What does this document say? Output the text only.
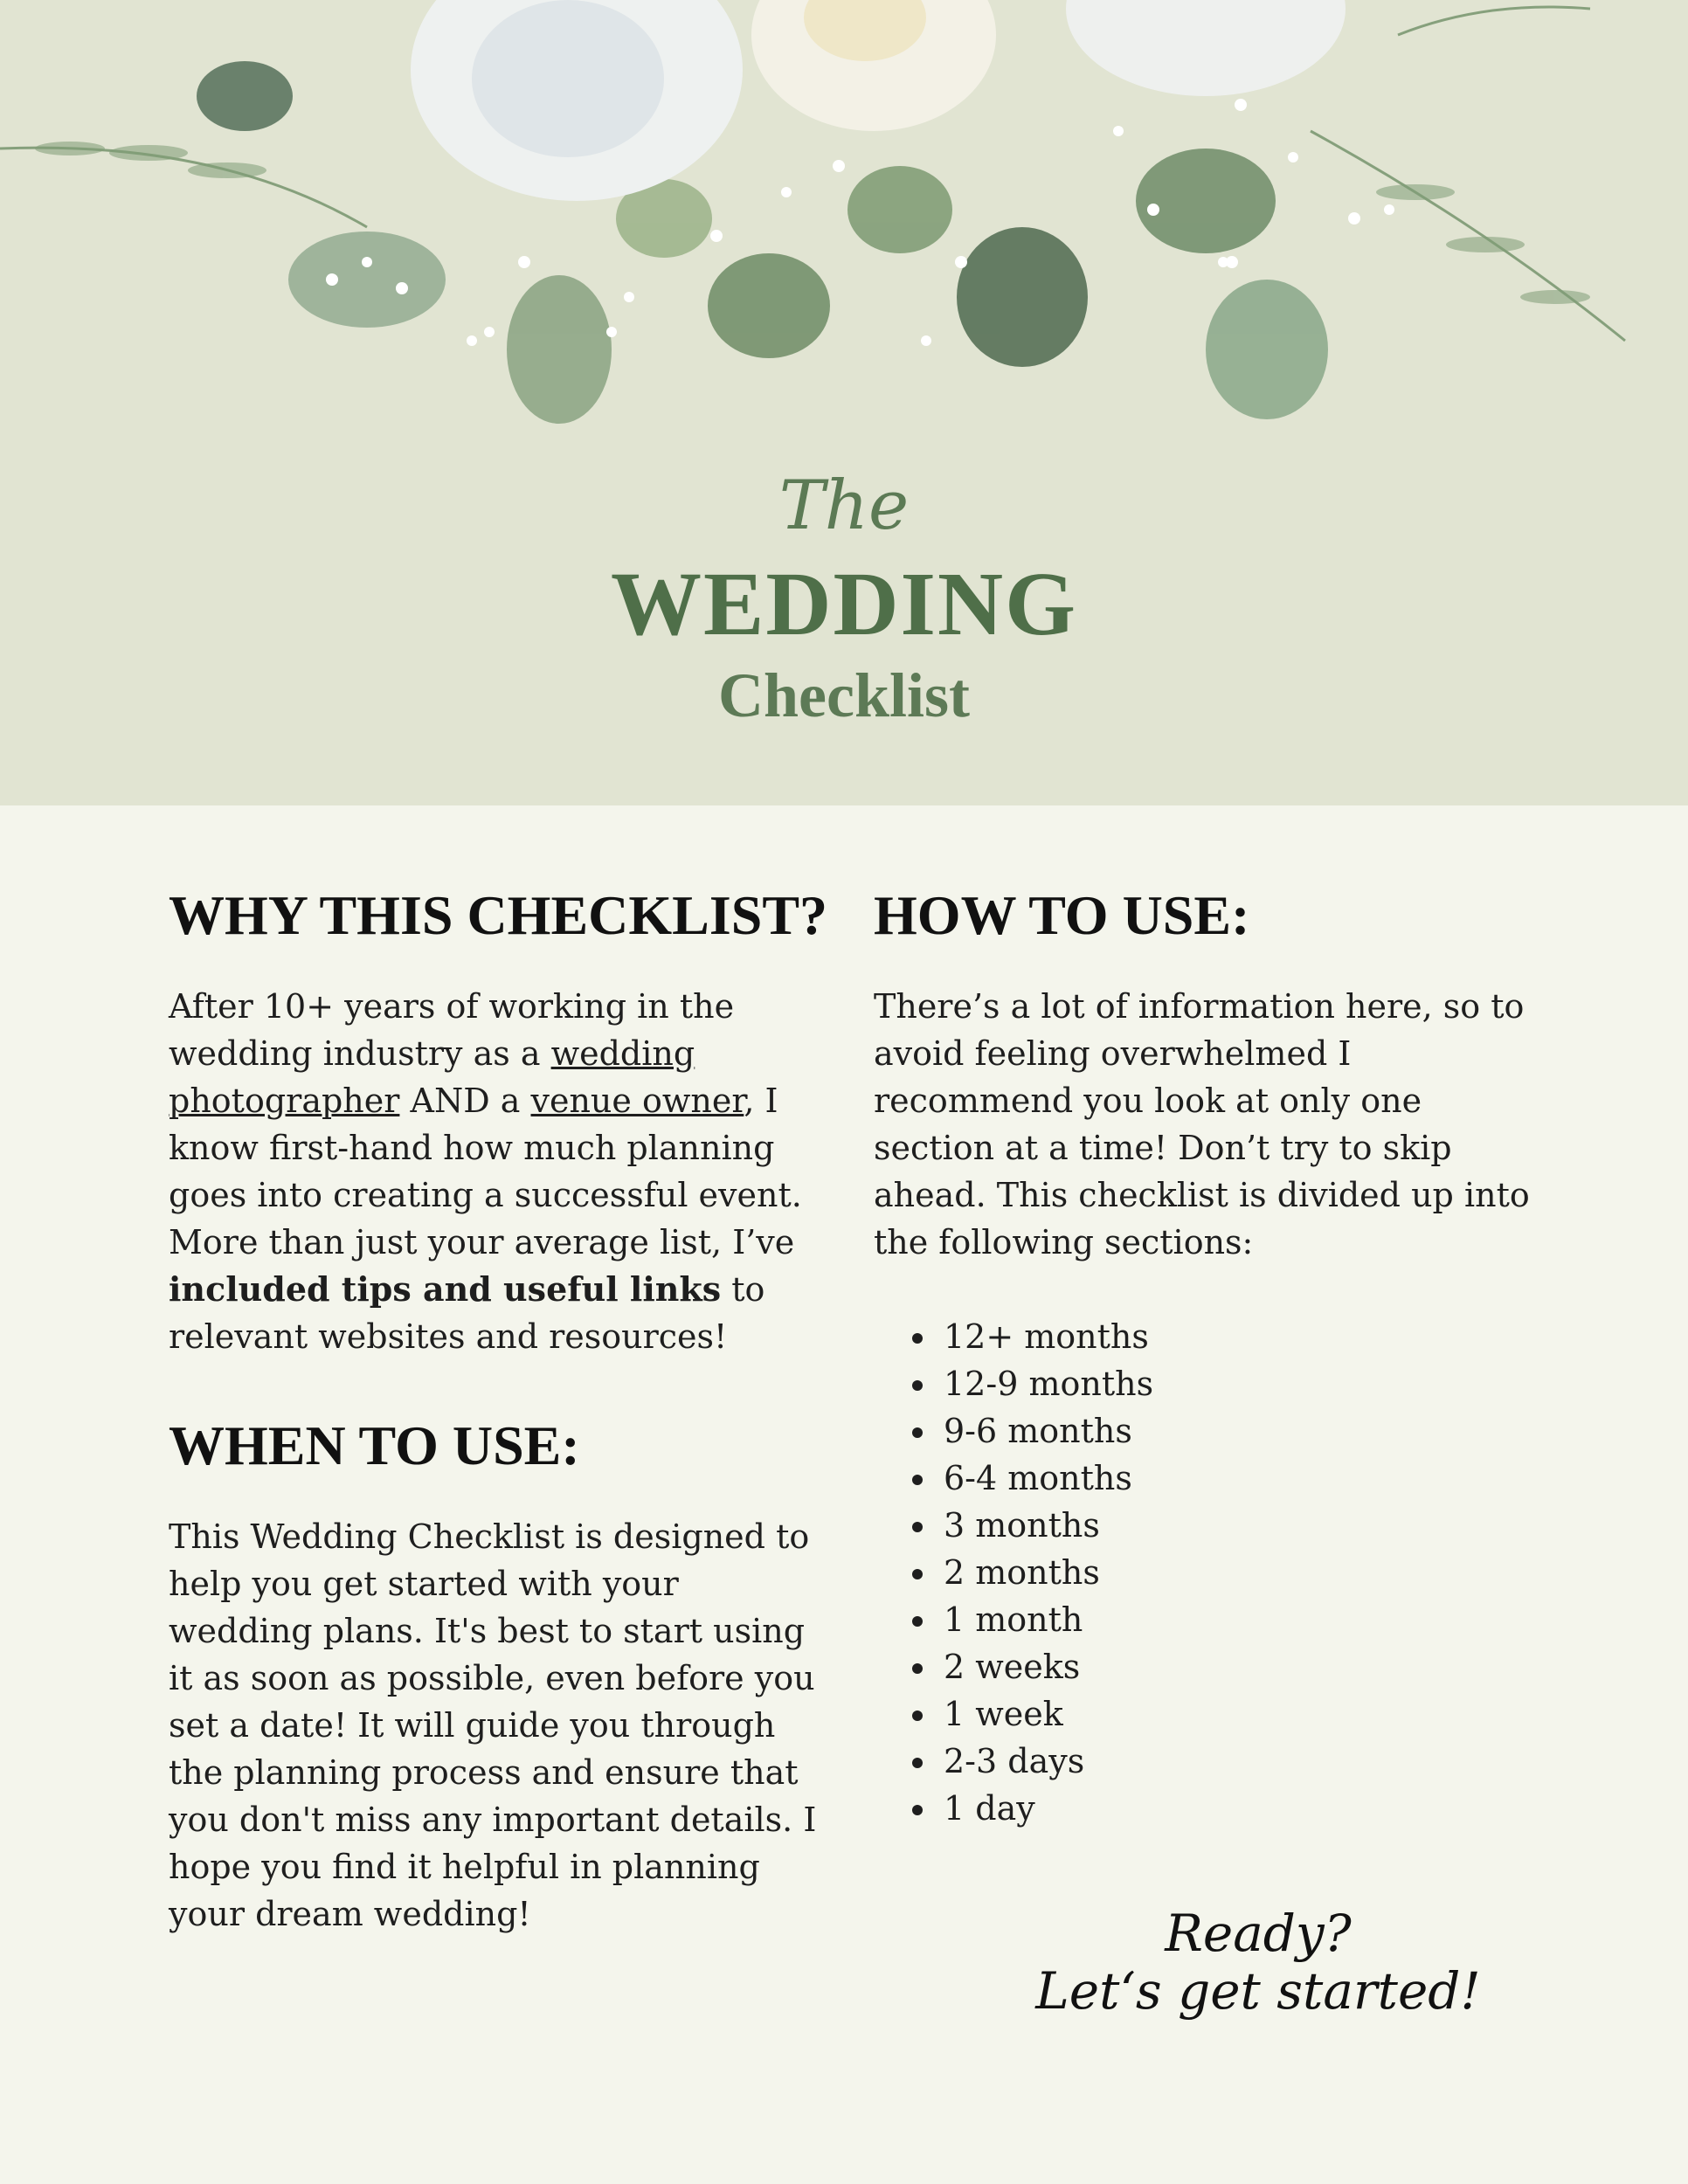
The
WEDDING
Checklist
WHY THIS CHECKLIST?

After 10+ years of working in the wedding industry as a wedding photographer AND a venue owner, I know first-hand how much planning goes into creating a successful event. More than just your average list, I’ve included tips and useful links to relevant websites and resources!

WHEN TO USE:

This Wedding Checklist is designed to help you get started with your wedding plans. It's best to start using it as soon as possible, even before you set a date! It will guide you through the planning process and ensure that you don't miss any important details. I hope you find it helpful in planning your dream wedding!

HOW TO USE:

There’s a lot of information here, so to avoid feeling overwhelmed I recommend you look at only one section at a time! Don’t try to skip ahead. This checklist is divided up into the following sections:

• 12+ months
• 12-9 months
• 9-6 months
• 6-4 months
• 3 months
• 2 months
• 1 month
• 2 weeks
• 1 week
• 2-3 days
• 1 day
Ready?
Let‘s get started!
